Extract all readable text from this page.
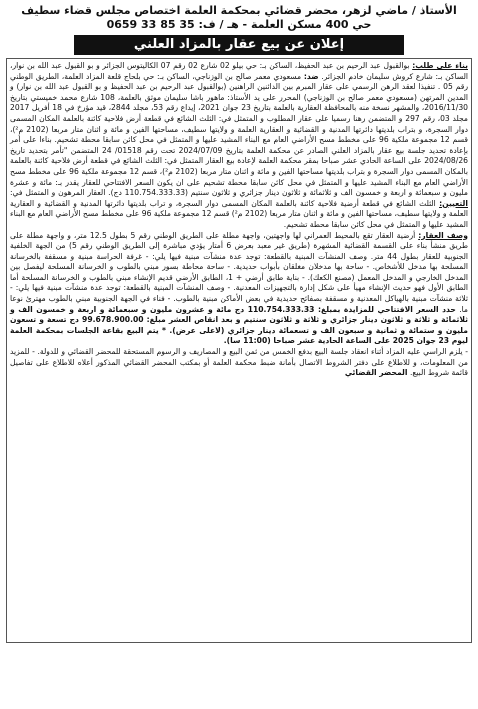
الأستاذ / ماضي لزهر، محضر قضائي بمحكمة العلمة اختصاص مجلس قضاء سطيف
حي 400 مسكن العلمة - هـ / ف: 35 85 33 0659
إعلان عن بيع عقار بالمزاد العلني

بناء على طلب: بوالقبول عبد الرحيم بن عبد الحفيظ، الساكن بـ: حي بيلو 02 شارع 02 رقم 07 الكاليتوس الجزائر و بو القبول عبد الله بن نوار، الساكن بـ: شارع كروش سليمان خادم الجزائر. ضد: مسعودي معمر صالح بن الوزناجي، الساكن بـ: حي بلحاج قلعة المزاد العلمة، الطريق الوطني رقم 05 . تنفيذا لعقد الرهن الرسمي على عقار المبرم بين الدائنين الراهنين (بوالقبول عبد الرحيم بن عبد الحفيظ و بو القبول عبد الله بن نوار) و المدين المرتهن (مسعودي معمر صالح بن الوزناجي) المحرر على يد الأستاذ: ماهور باشا سليمان موثق بالعلمة، 108 شارع محمد خميستي بتاريخ 2016/11/30، والمشهر نسخة منه بالمحافظة العقارية بالعلمة بتاريخ 23 جوان 2021، إيداع رقم 53، مجلد 2844، قيد مؤرخ في 18 أفريل 2017 مجلد 03، رقم 297 و المتضمن رهنا رسميا على عقار المطلوب و المتمثل في: الثلث الشائع في قطعة أرض فلاحية كائنة بالعلمة المكان المسمى دوار السجرة، و بتراب بلديتها دائرتها المدنية و القضائية و العقارية العلمة و ولايتها سطيف، مساحتها الفين و مائة و اثنان متار مربعا (2102 م²)، قسم 12 مجموعة ملكية 96 على مخطط مسح الأراضي العام مع البناء المشيد عليها و المتمثل في محل كائن سابقا محطة تشحيم. بناءا على أمر بإعادة تحديد جلسة بيع عقار بالمزاد العلني الصادر عن محكمة العلمة بتاريخ 2024/07/09 تحت رقم 01518/ 24 المتضمن "تأمر بتحديد تاريخ 2024/08/26 على الساعة الحادي عشر صباحا بمقر محكمة العلمة لإعادة بيع العقار المتمثل في: الثلث الشائع في قطعة أرض فلاحية كائنة بالعلمة بالمكان المسمى دوار السجرة و بتراب بلديتها مساحتها الفين و مائة و اثنان متار مربعا (2102 م²)، قسم 12 مجموعة ملكية 96 على مخطط مسح الأراضي العام مع البناء المشيد عليها و المتمثل في محل كائن سابقا محطة تشحيم على ان يكون السعر الافتتاحي للعقار يقدر بـ: مائة و عشرة مليون و سبعمائة و اربعة و خمسون الف و ثلاثمائة و ثلاثون دينار جزائري و ثلاثون سنتيم (110.754.333.33 دج). العقار المرهون و المتمثل في: التعيين: الثلث الشائع في قطعة أرضية فلاحية كائنة بالعلمة المكان المسمى دوار السجرة، و تراب بلديتها دائرتها المدنية و القضائية و العقارية العلمة و ولايتها سطيف، مساحتها الفين و مائة و اثنان متار مربعا (2102 م²) قسم 12 مجموعة ملكية 96 على مخطط مسح الأراضي العام مع البناء المشيد عليها و المتمثل في محل كائن سابقا محطة تشحيم.

وصف العقار: أرضية العقار تقع بالمحيط العمراني لها واجهتين، واجهة مطلة على الطريق الوطني رقم 5 بطول 12.5 متر، و واجهة مطلة على طريق منشأ بناء على القسمة القضائية المشهرة (طريق غير معبد بعرض 6 أمتار يؤدي مباشرة إلى الطريق الوطني رقم 5) من الجهة الخلفية الجنوبية للعقار بطول 44 متر. وصف المنشآت المبنية بالقطعة: توجد عدة منشآت مبنية فيها يلي: - غرفة الحراسة مبنية و مسقفة بالخرسانة المسلحة بها مدخل للأشخاص. - ساحة بها مدخلان مغلقان بأبواب حديدية. - ساحة محاطة بسور مبني بالطوب و الخرسانة المسلحة ليفصل بين المدخل الخارجي و المدخل المعمل (مصنع الكعك). - بناية طابق أرضي + 1، الطابق الأرضي قديم الإنشاء مبني بالطوب و الخرسانة المسلحة أما الطابق الأول فهو حديث الإنشاء مهيأ على شكل إدارة بالتجهيزات المعدنية. - وصف المنشآت المبنية بالقطعة: توجد عدة منشآت مبنية فيها يلي: - ثلاثة منشآت مبنية بالهياكل المعدنية و مسقفة بصفائح حديدية في بعض الأماكن مبنية بالطوب. - فناء في الجهة الجنوبية مبني بالطوب مهترئ نوعا ما. حدد السعر الافتتاحي للمزايدة بمبلغ: 110.754.333.33 دج مائة و عشرون مليون و سبعمائة و اربعة و خمسون الف و ثلاثمائة و ثلاثة و ثلاثون دينار جزائري و ثلاثة و ثلاثون سنتيم و بعد انقاص العشر مبلغ: 99.678.900.00 دج تسعة و تسعون مليون و ستمائة و ثمانية و سبعون الف و تسعمائة دينار جزائري (لاعلى عرض). * يتم البيع بقاعة الجلسات بمحكمة العلمة ليوم 23 جوان 2025 على الساعة الحادية عشر صباحا (11:00 سا).

- يلزم الراسي عليه المزاد أثناء انعقاد جلسة البيع بدفع الخمس من ثمن البيع و المصاريف و الرسوم المستحقة للمحضر القضائي و للدولة. - للمزيد من المعلومات، و للاطلاع على دفتر الشروط الاتصال بأمانة ضبط محكمة العلمة أو بمكتب المحضر القضائي المذكور أعلاه للاطلاع على تفاصيل قائمة شروط البيع. المحضر القضائي
